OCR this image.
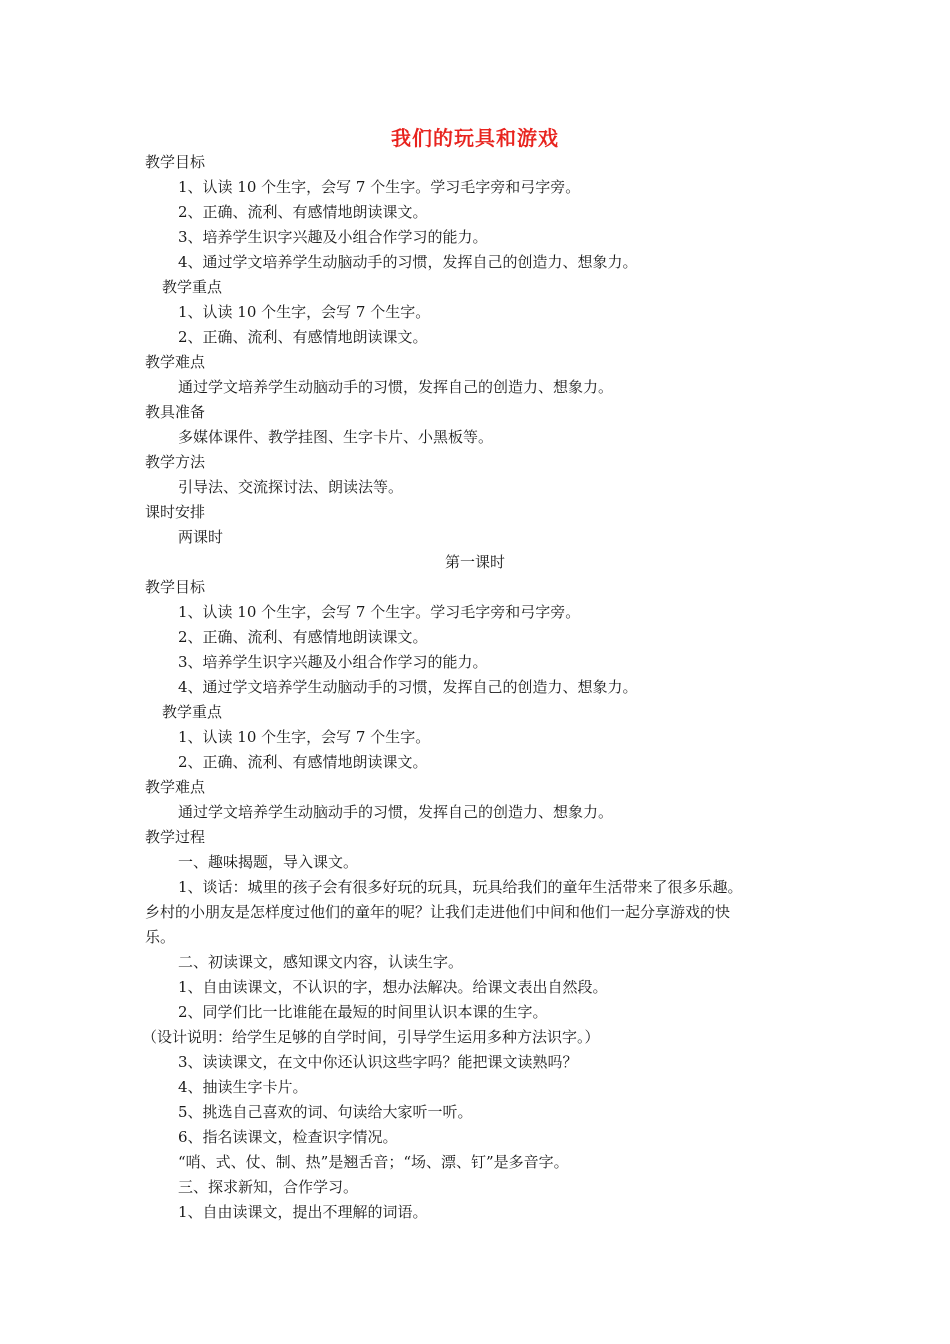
我们的玩具和游戏
教学目标
1、认读 10 个生字，会写 7 个生字。学习毛字旁和弓字旁。
2、正确、流利、有感情地朗读课文。
3、培养学生识字兴趣及小组合作学习的能力。
4、通过学文培养学生动脑动手的习惯，发挥自己的创造力、想象力。
教学重点
1、认读 10 个生字，会写 7 个生字。
2、正确、流利、有感情地朗读课文。
教学难点
通过学文培养学生动脑动手的习惯，发挥自己的创造力、想象力。
教具准备
多媒体课件、教学挂图、生字卡片、小黑板等。
教学方法
引导法、交流探讨法、朗读法等。
课时安排
两课时
第一课时
教学目标
1、认读 10 个生字，会写 7 个生字。学习毛字旁和弓字旁。
2、正确、流利、有感情地朗读课文。
3、培养学生识字兴趣及小组合作学习的能力。
4、通过学文培养学生动脑动手的习惯，发挥自己的创造力、想象力。
教学重点
1、认读 10 个生字，会写 7 个生字。
2、正确、流利、有感情地朗读课文。
教学难点
通过学文培养学生动脑动手的习惯，发挥自己的创造力、想象力。
教学过程
一、趣味揭题，导入课文。
1、谈话：城里的孩子会有很多好玩的玩具，玩具给我们的童年生活带来了很多乐趣。
乡村的小朋友是怎样度过他们的童年的呢？让我们走进他们中间和他们一起分享游戏的快
乐。
二、初读课文，感知课文内容，认读生字。
1、自由读课文，不认识的字，想办法解决。给课文表出自然段。
2、同学们比一比谁能在最短的时间里认识本课的生字。
（设计说明：给学生足够的自学时间，引导学生运用多种方法识字。）
3、读读课文，在文中你还认识这些字吗？能把课文读熟吗？
4、抽读生字卡片。
5、挑选自己喜欢的词、句读给大家听一听。
6、指名读课文，检查识字情况。
“哨、式、仗、制、热”是翘舌音；“场、漂、钉”是多音字。
三、探求新知，合作学习。
1、自由读课文，提出不理解的词语。
